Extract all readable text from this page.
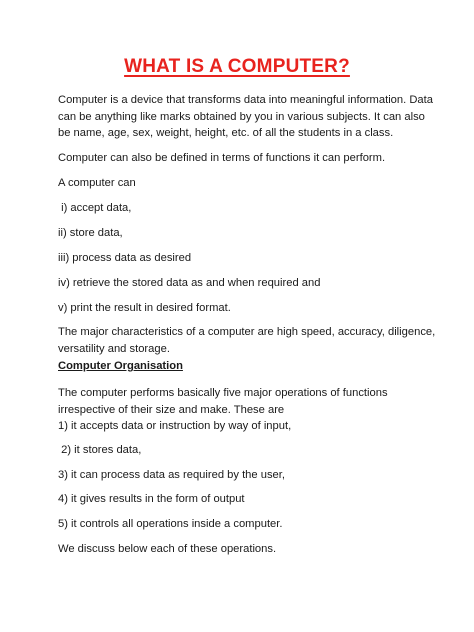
WHAT IS A COMPUTER?
Computer is a device that transforms data into meaningful information. Data can be anything like marks obtained by you in various subjects. It can also be name, age, sex, weight, height, etc. of all the students in a class.
Computer can also be defined in terms of functions it can perform.
A computer can
i) accept data,
ii) store data,
iii) process data as desired
iv) retrieve the stored data as and when required and
v) print the result in desired format.
The major characteristics of a computer are high speed, accuracy, diligence, versatility and storage.
Computer Organisation
The computer performs basically five major operations of functions irrespective of their size and make. These are
1) it accepts data or instruction by way of input,
2) it stores data,
3) it can process data as required by the user,
4) it gives results in the form of output
5) it controls all operations inside a computer.
We discuss below each of these operations.
